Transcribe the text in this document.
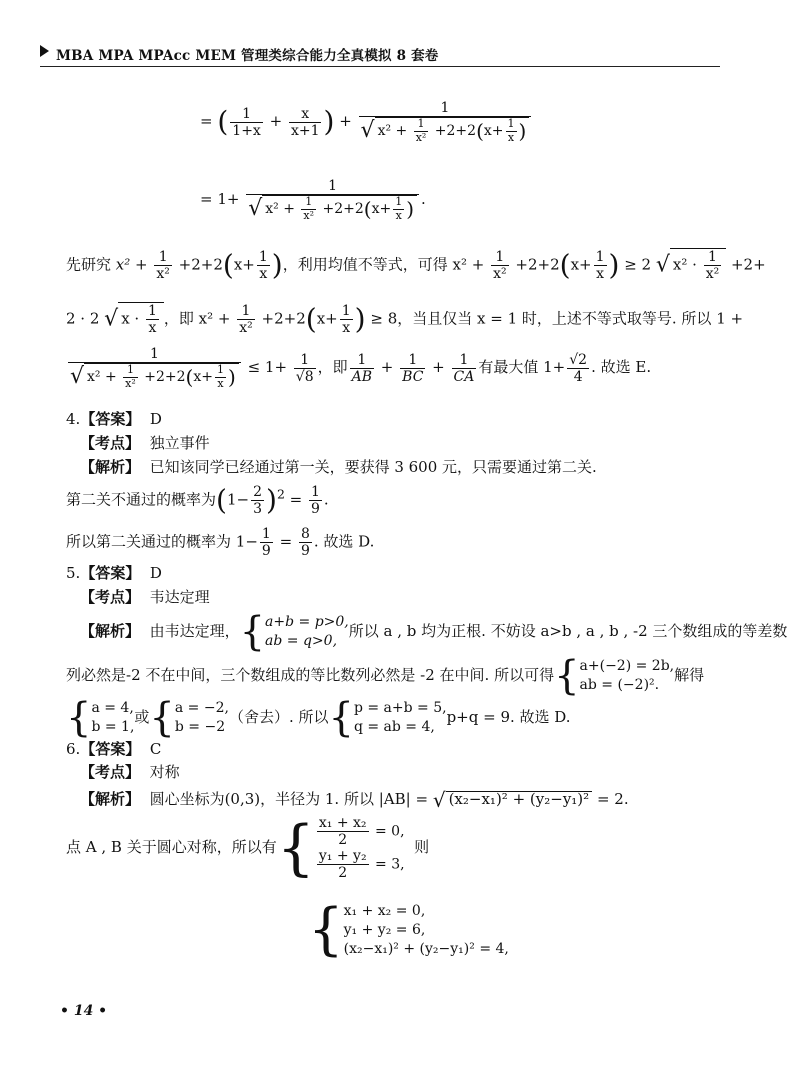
MBA MPA MPAcc MEM 管理类综合能力全真模拟 8 套卷
= ( $\frac{1}{1+x} + \frac{x}{x+1}$ ) + $\frac{1}{√ x^2 + \frac{1}{\text{x²}} +2+2(x+ \frac{1}{x} )}$
= $1+ \frac{1}{√ x^2 + \frac{1}{\text{x²}} +2+2(x+ \frac{1}{x} )}$ .
先研究 $x^2 + \frac{1}{\text{x²}} +2+2(x+ \frac{1}{x}$ )，利用均值不等式，可得 $x^2 + \frac{1}{\text{x²}} +2+2(x+ \frac{1}{x}$ ) ≥ 2 √ $x^2 \cdot \frac{1}{\text{x²}} +2+$
2 · 2 √ $x \cdot \frac{1}{x}$ ，即 $x^2 + \frac{1}{\text{x²}} +2+2(x+ \frac{1}{x}$ ) ≥ 8，当且仅当 x = 1 时，上述不等式取等号. 所以 1 +
$\frac{1}{√ x^2 + \frac{1}{\text{x²}} +2+2(x+ \frac{1}{x} )} \le 1+ \frac{1}{√8}$ ，即 $\frac{1}{AB} + \frac{1}{BC} + \frac{1}{CA}$ 有最大值 $1+ \frac{√2}{4}$ . 故选 E.
4.【答案】 D
【考点】 独立事件
【解析】 已知该同学已经通过第一关，要获得 3 600 元，只需要通过第二关.
第二关不通过的概率为$(1- \frac{2}{3} )^2 = \frac{1}{9}$ .
所以第二关通过的概率为 $1- \frac{1}{9} = \frac{8}{9}$ . 故选 D.
5.【答案】 D
【考点】 韦达定理
【解析】 由韦达定理，{a+b = p>0,
ab = q>0,所以 a , b 均为正根. 不妨设 a>b , a , b , -2 三个数组成的等差数
列必然是-2 不在中间，三个数组成的等比数列必然是 -2 在中间. 所以可得{a+(−2) = 2b,
ab = (−2)².解得
{a = 4,
b = 1,或{a = −2,
b = −2（舍去）. 所以{p = a+b = 5,
q = ab = 4,p+q = 9. 故选 D.
6.【答案】 C
【考点】 对称
【解析】 圆心坐标为(0,3)，半径为 1. 所以 |AB| = √ (x₂−x₁)² + (y₂−y₁)² = 2.
点 A , B 关于圆心对称，所以有{ $\frac{\text{x₁ + x₂}}{2} = 0$,

$\frac{\text{y₁ + y₂}}{2} = 3$,  则
{x₁ + x₂ = 0,
y₁ + y₂ = 6,
(x₂−x₁)² + (y₂−y₁)² = 4,
• 14 •
